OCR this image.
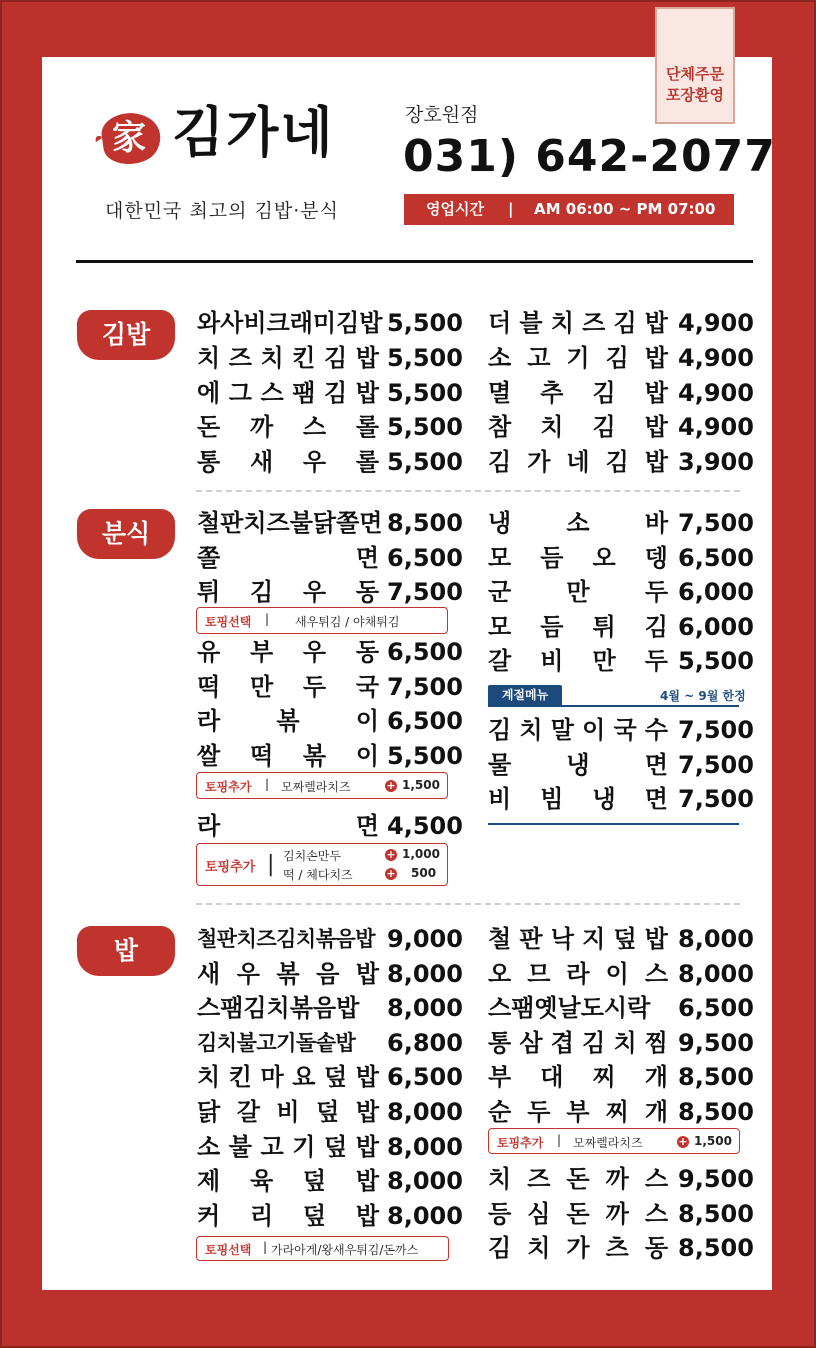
단체주문
포장환영
家 김가네
대한민국 최고의 김밥·분식
장호원점
031) 642-2077
영업시간 | AM 06:00 ~ PM 07:00
김밥
분식
밥
와사비크래미김밥 5,500
치 즈 치 킨 김 밥 5,500
에 그 스 팸 김 밥 5,500
돈 까 스 롤 5,500
통 새 우 롤 5,500
더 블 치 즈 김 밥 4,900
소 고 기 김 밥 4,900
멸 추 김 밥 4,900
참 치 김 밥 4,900
김 가 네 김 밥 3,900
철판치즈불닭쫄면 8,500
쫄	면 6,500
튀 김 우 동 7,500
유 부 우 동 6,500
떡 만 두 국 7,500
라 볶 이 6,500
쌀 떡 볶 이 5,500
라	면 4,500
냉 소 바 7,500
모 듬 오 뎅 6,500
군 만 두 6,000
모 듬 튀 김 6,000
갈 비 만 두 5,500
김 치 말 이 국 수 7,500
물 냉 면 7,500
비 빔 냉 면 7,500
철판치즈김치볶음밥 9,000
새 우 볶 음 밥 8,000
스팸김치볶음밥 8,000
김치불고기돌솥밥 6,800
치 킨 마 요 덮 밥 6,500
닭 갈 비 덮 밥 8,000
소 불 고 기 덮 밥 8,000
제 육 덮 밥 8,000
커 리 덮 밥 8,000
철 판 낙 지 덮 밥 8,000
오 므 라 이 스 8,000
스팸옛날도시락 6,500
통 삼 겹 김 치 찜 9,500
부 대 찌 개 8,500
순 두 부 찌 개 8,500
치 즈 돈 까 스 9,500
등 심 돈 까 스 8,500
김 치 가 츠 동 8,500
토핑선택 | 새우튀김 / 야채튀김
토핑추가 | 모짜렐라치즈	+ 1,500
토핑추가 | 김치손만두	+ 1,000
떡 / 체다치즈	+ 500
계절메뉴	4월 ~ 9월 한정
토핑선택 | 가라아게/왕새우튀김/돈까스
토핑추가 | 모짜렐라치즈	+ 1,500
